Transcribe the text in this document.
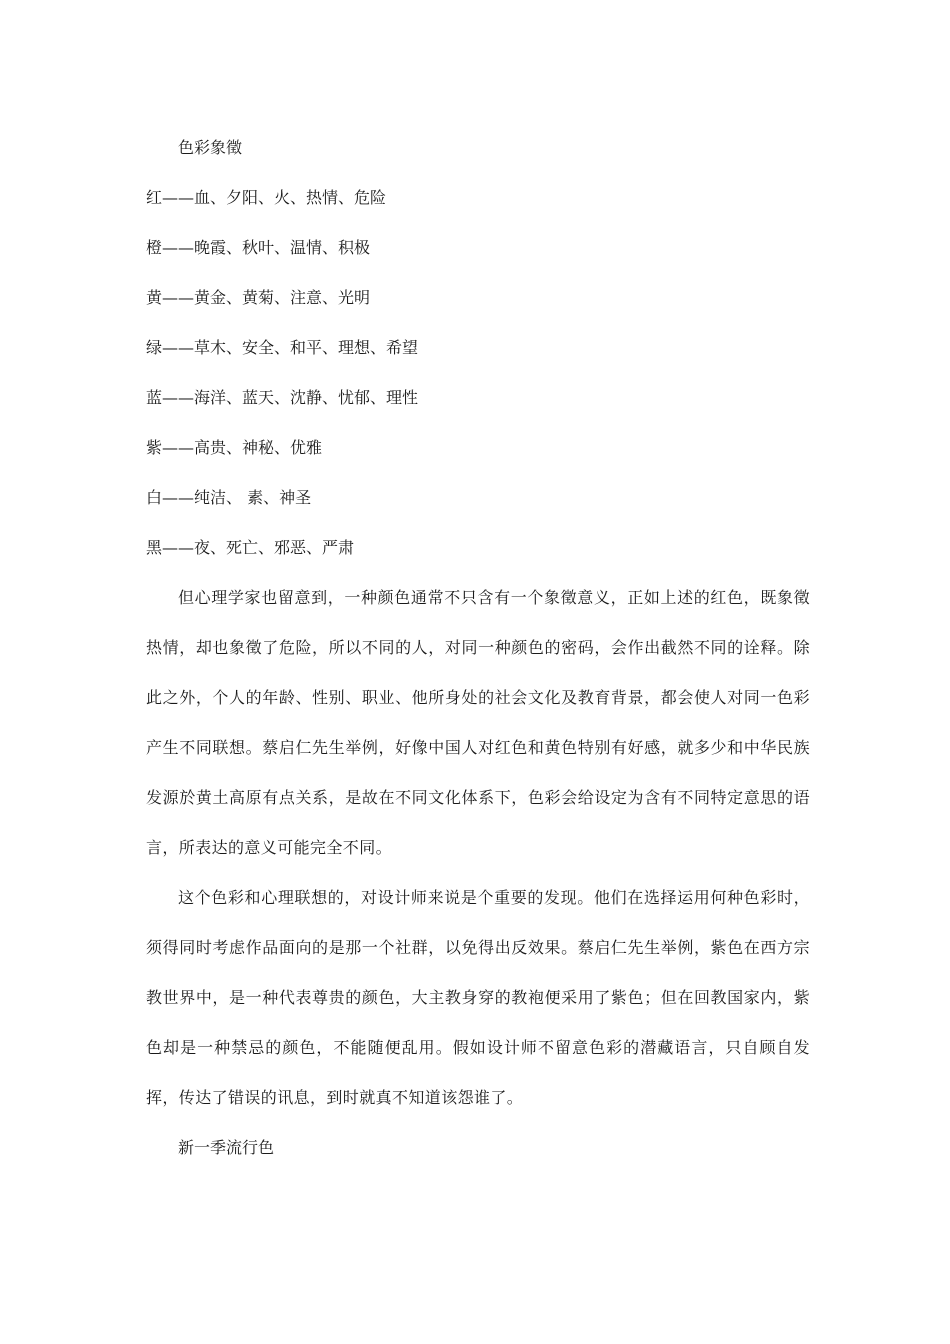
色彩象徵
红——血、夕阳、火、热情、危险
橙——晚霞、秋叶、温情、积极
黄——黄金、黄菊、注意、光明
绿——草木、安全、和平、理想、希望
蓝——海洋、蓝天、沈静、忧郁、理性
紫——高贵、神秘、优雅
白——纯洁、 素、神圣
黑——夜、死亡、邪恶、严肃

但心理学家也留意到，一种颜色通常不只含有一个象徵意义，正如上述的红色，既象徵热情，却也象徵了危险，所以不同的人，对同一种颜色的密码，会作出截然不同的诠释。除此之外，个人的年龄、性别、职业、他所身处的社会文化及教育背景，都会使人对同一色彩产生不同联想。蔡启仁先生举例，好像中国人对红色和黄色特别有好感，就多少和中华民族发源於黄土高原有点关系，是故在不同文化体系下，色彩会给设定为含有不同特定意思的语言，所表达的意义可能完全不同。

这个色彩和心理联想的，对设计师来说是个重要的发现。他们在选择运用何种色彩时，须得同时考虑作品面向的是那一个社群，以免得出反效果。蔡启仁先生举例，紫色在西方宗教世界中，是一种代表尊贵的颜色，大主教身穿的教袍便采用了紫色；但在回教国家内，紫色却是一种禁忌的颜色，不能随便乱用。假如设计师不留意色彩的潜藏语言，只自顾自发挥，传达了错误的讯息，到时就真不知道该怨谁了。

新一季流行色
